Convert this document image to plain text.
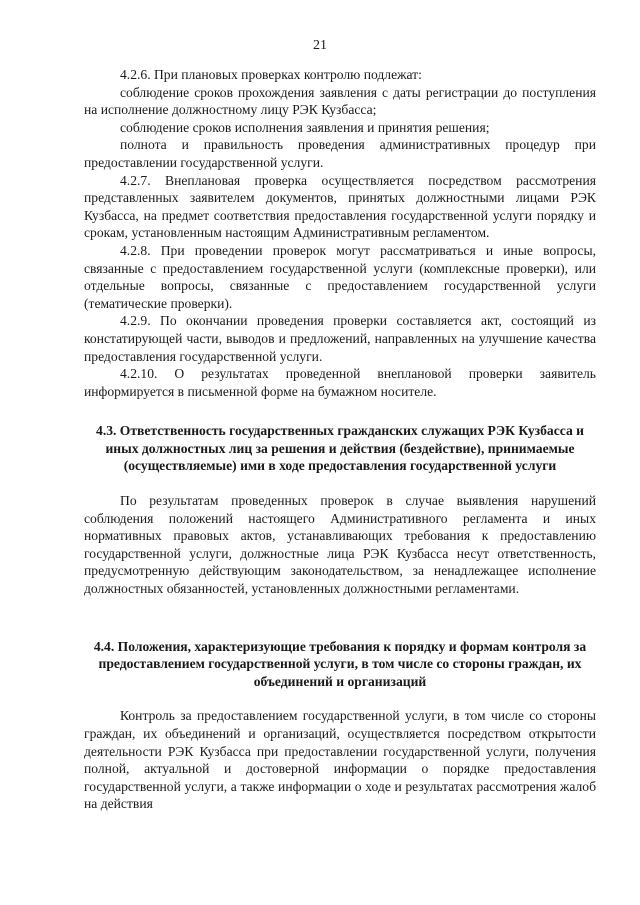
21

4.2.6. При плановых проверках контролю подлежат:

соблюдение сроков прохождения заявления с даты регистрации до поступления на исполнение должностному лицу РЭК Кузбасса;

соблюдение сроков исполнения заявления и принятия решения;

полнота и правильность проведения административных процедур при предоставлении государственной услуги.

4.2.7. Внеплановая проверка осуществляется посредством рассмотрения представленных заявителем документов, принятых должностными лицами РЭК Кузбасса, на предмет соответствия предоставления государственной услуги порядку и срокам, установленным настоящим Административным регламентом.

4.2.8. При проведении проверок могут рассматриваться и иные вопросы, связанные с предоставлением государственной услуги (комплексные проверки), или отдельные вопросы, связанные с предоставлением государственной услуги (тематические проверки).

4.2.9. По окончании проведения проверки составляется акт, состоящий из констатирующей части, выводов и предложений, направленных на улучшение качества предоставления государственной услуги.

4.2.10. О результатах проведенной внеплановой проверки заявитель информируется в письменной форме на бумажном носителе.

4.3. Ответственность государственных гражданских служащих РЭК Кузбасса и иных должностных лиц за решения и действия (бездействие), принимаемые (осуществляемые) ими в ходе предоставления государственной услуги

По результатам проведенных проверок в случае выявления нарушений соблюдения положений настоящего Административного регламента и иных нормативных правовых актов, устанавливающих требования к предоставлению государственной услуги, должностные лица РЭК Кузбасса несут ответственность, предусмотренную действующим законодательством, за ненадлежащее исполнение должностных обязанностей, установленных должностными регламентами.

4.4. Положения, характеризующие требования к порядку и формам контроля за предоставлением государственной услуги, в том числе со стороны граждан, их объединений и организаций

Контроль за предоставлением государственной услуги, в том числе со стороны граждан, их объединений и организаций, осуществляется посредством открытости деятельности РЭК Кузбасса при предоставлении государственной услуги, получения полной, актуальной и достоверной информации о порядке предоставления государственной услуги, а также информации о ходе и результатах рассмотрения жалоб на действия
